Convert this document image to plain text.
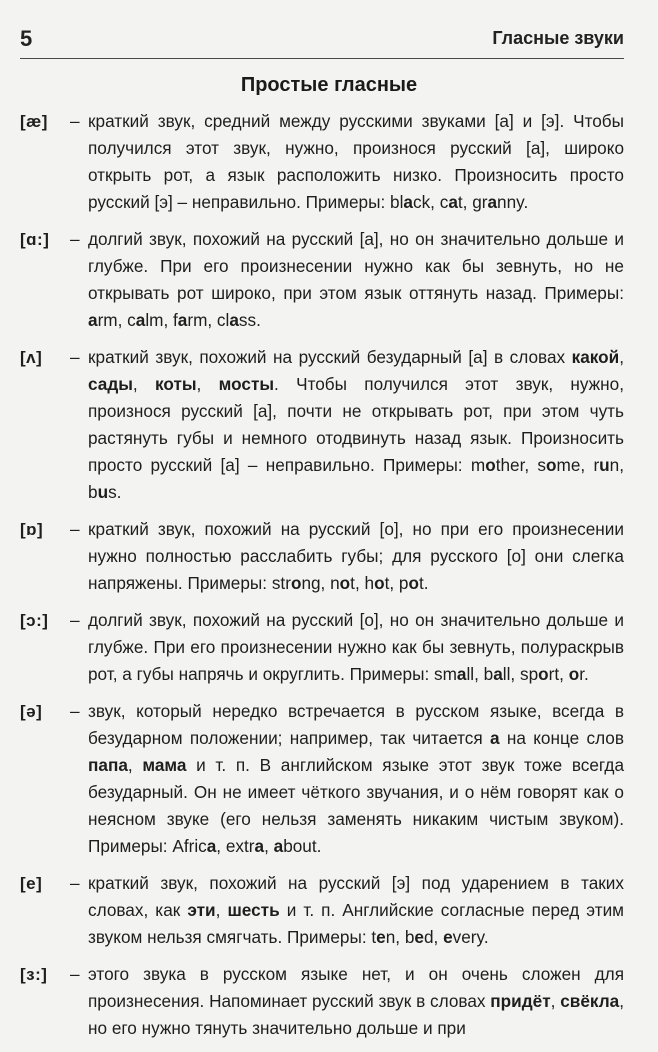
5	Гласные звуки
Простые гласные
[æ]	– краткий звук, средний между русскими звуками [а] и [э]. Чтобы получился этот звук, нужно, произнося русский [а], широко открыть рот, а язык расположить низко. Произносить просто русский [э] – неправильно. Примеры: black, cat, granny.
[ɑ:]	– долгий звук, похожий на русский [а], но он значительно дольше и глубже. При его произнесении нужно как бы зевнуть, но не открывать рот широко, при этом язык оттянуть назад. Примеры: arm, calm, farm, class.
[ʌ]	– краткий звук, похожий на русский безударный [а] в словах какой, сады, коты, мосты. Чтобы получился этот звук, нужно, произнося русский [а], почти не открывать рот, при этом чуть растянуть губы и немного отодвинуть назад язык. Произносить просто русский [а] – неправильно. Примеры: mother, some, run, bus.
[ɒ]	– краткий звук, похожий на русский [о], но при его произнесении нужно полностью расслабить губы; для русского [о] они слегка напряжены. Примеры: strong, not, hot, pot.
[ɔ:]	– долгий звук, похожий на русский [о], но он значительно дольше и глубже. При его произнесении нужно как бы зевнуть, полураскрыв рот, а губы напрячь и округлить. Примеры: small, ball, sport, or.
[ə]	– звук, который нередко встречается в русском языке, всегда в безударном положении; например, так читается а на конце слов папа, мама и т. п. В английском языке этот звук тоже всегда безударный. Он не имеет чёткого звучания, и о нём говорят как о неясном звуке (его нельзя заменять никаким чистым звуком). Примеры: Africa, extra, about.
[e]	– краткий звук, похожий на русский [э] под ударением в таких словах, как эти, шесть и т. п. Английские согласные перед этим звуком нельзя смягчать. Примеры: ten, bed, every.
[ɜ:]	– этого звука в русском языке нет, и он очень сложен для произнесения. Напоминает русский звук в словах придёт, свёкла, но его нужно тянуть значительно дольше и при
